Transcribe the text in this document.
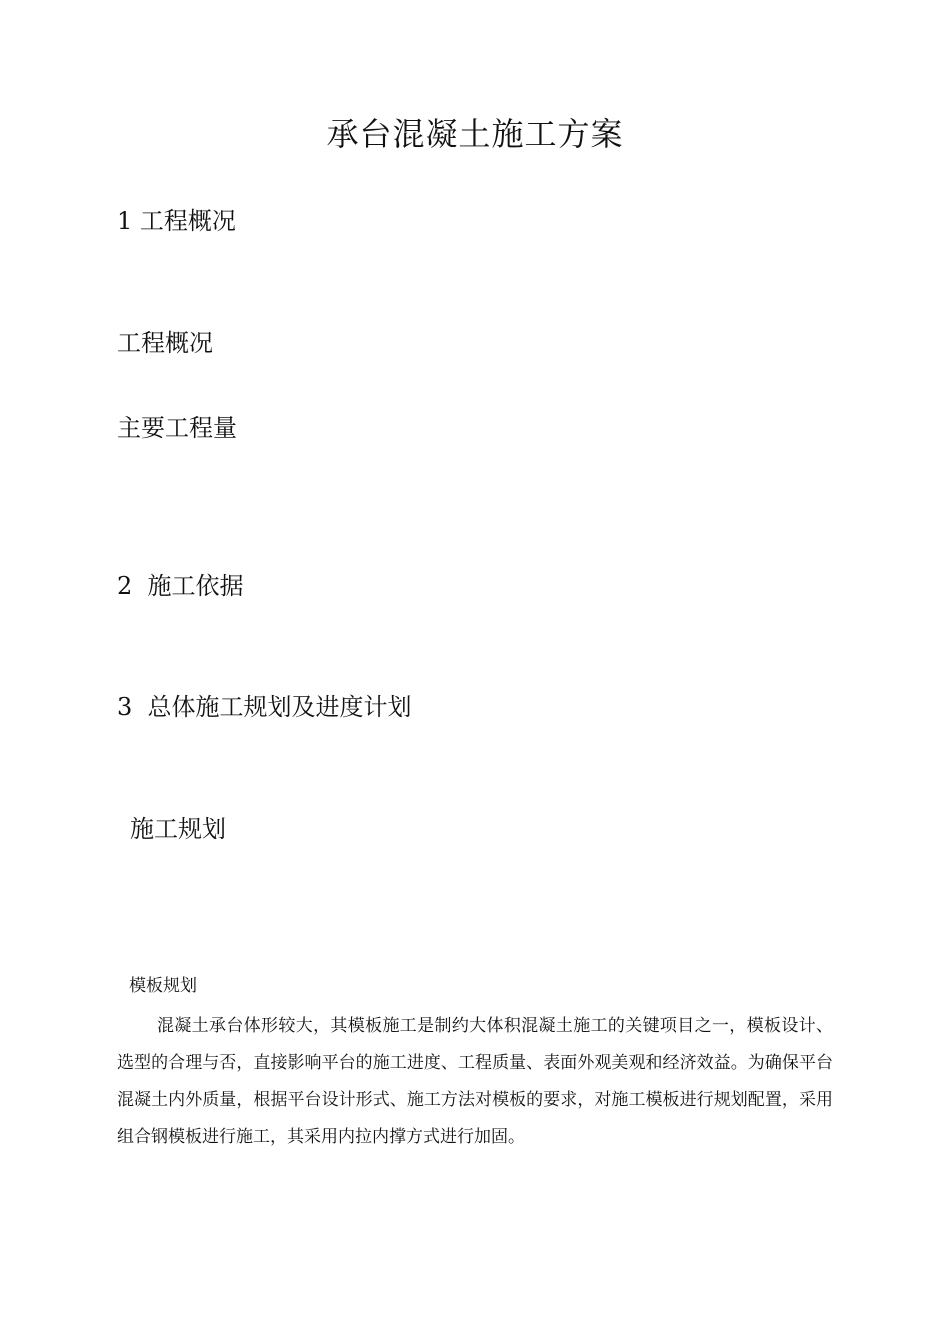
承台混凝土施工方案
1 工程概况
工程概况
主要工程量
2  施工依据
3  总体施工规划及进度计划
施工规划
模板规划

混凝土承台体形较大，其模板施工是制约大体积混凝土施工的关键项目之一，模板设计、选型的合理与否，直接影响平台的施工进度、工程质量、表面外观美观和经济效益。为确保平台混凝土内外质量，根据平台设计形式、施工方法对模板的要求，对施工模板进行规划配置，采用组合钢模板进行施工，其采用内拉内撑方式进行加固。
